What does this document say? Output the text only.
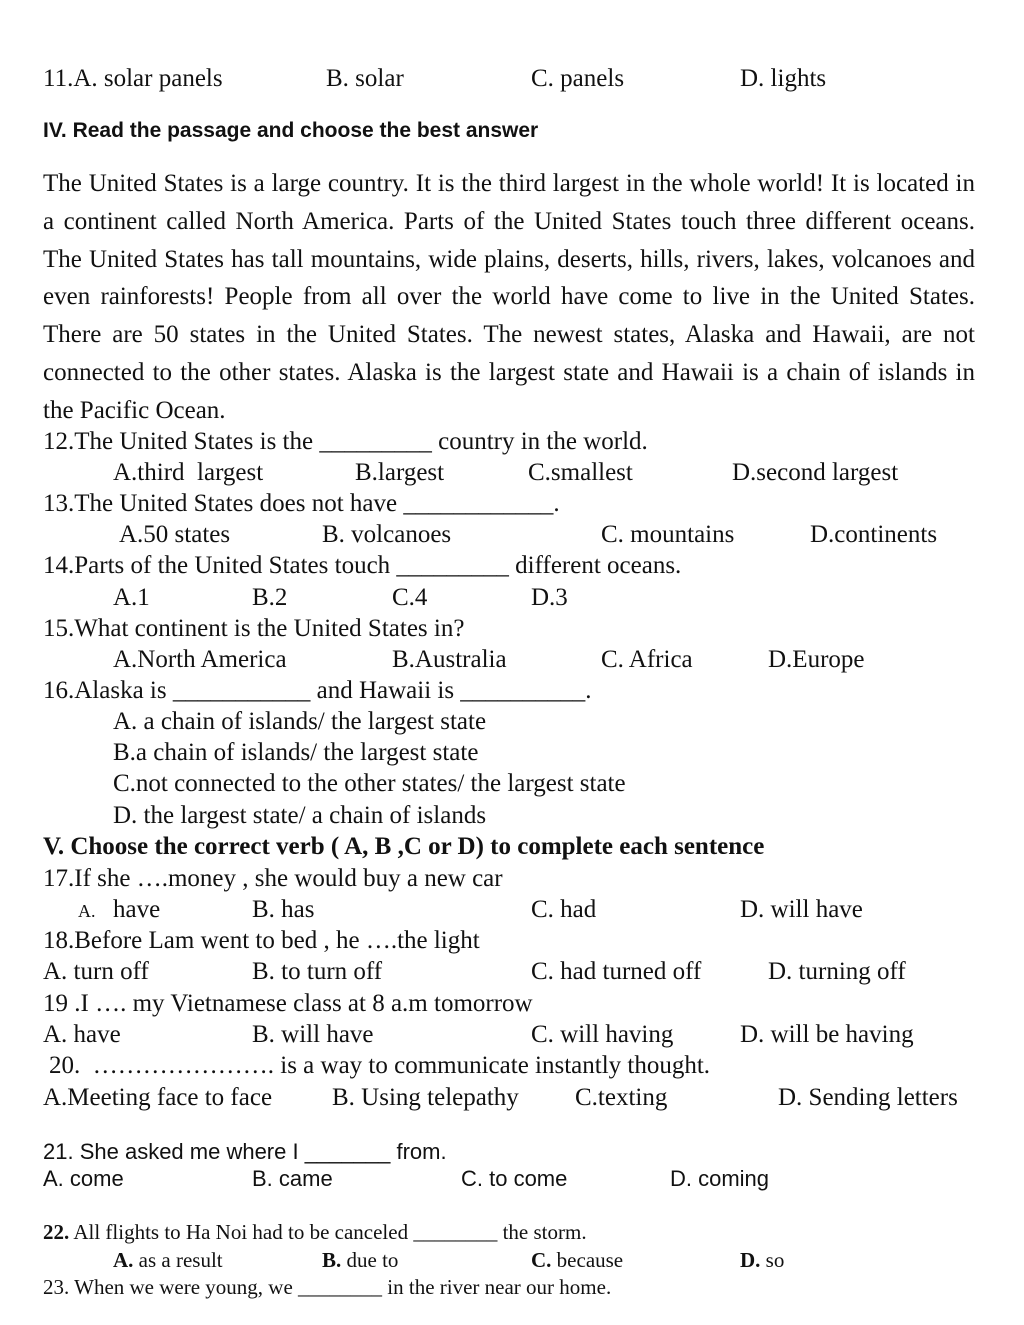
11.A. solar panels	B. solar	C. panels	D. lights
IV. Read the passage and choose the best answer
The United States is a large country. It is the third largest in the whole world! It is located in a continent called North America. Parts of the United States touch three different oceans. The United States has tall mountains, wide plains, deserts, hills, rivers, lakes, volcanoes and even rainforests! People from all over the world have come to live in the United States. There are 50 states in the United States. The newest states, Alaska and Hawaii, are not connected to the other states. Alaska is the largest state and Hawaii is a chain of islands in the Pacific Ocean.
12.The United States is the _________ country in the world.
A.third  largest	B.largest	C.smallest	D.second largest
13.The United States does not have ____________.
A.50 states	B. volcanoes	C. mountains	D.continents
14.Parts of the United States touch _________ different oceans.
A.1	B.2	C.4	D.3
15.What continent is the United States in?
A.North America	B.Australia	C. Africa	D.Europe
16.Alaska is ___________ and Hawaii is __________.
A. a chain of islands/ the largest state
B.a chain of islands/ the largest state
C.not connected to the other states/ the largest state
D. the largest state/ a chain of islands
V. Choose the correct verb ( A, B ,C or D) to complete each sentence
17.If she ….money , she would buy a new car
A. have	B. has	C. had	D. will have
18.Before Lam went to bed , he ….the light
A. turn off	B. to turn off	C. had turned off	D. turning off
19 .I …. my Vietnamese class at 8 a.m tomorrow
A. have	B. will have	C. will having	D. will be having
20.  …………………. is a way to communicate instantly thought.
A.Meeting face to face B. Using telepathy C.texting	D. Sending letters
21. She asked me where I _______ from.
A. come	B. came	C. to come	D. coming
22. All flights to Ha Noi had to be canceled ________ the storm.
A. as a result	B. due to	C. because	D. so
23. When we were young, we ________ in the river near our home.
